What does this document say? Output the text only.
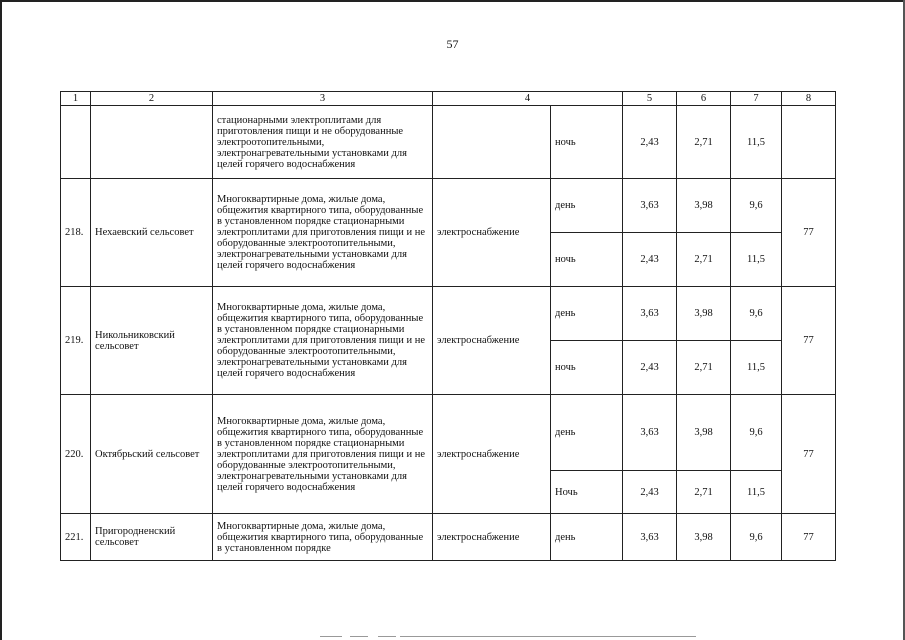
57
1	2	3	4		5	6	7	8
		стационарными электроплитами для приготовления пищи и не оборудованные электроотопительными, электронагревательными установками для целей горячего водоснабжения		ночь	2,43	2,71	11,5	
218.	Нехаевский сельсовет	Многоквартирные дома, жилые дома, общежития квартирного типа, оборудованные в установленном порядке стационарными электроплитами для приготовления пищи и не оборудованные электроотопительными, электронагревательными установками для целей горячего водоснабжения	электроснабжение	день	3,63	3,98	9,6	77
				ночь	2,43	2,71	11,5	
219.	Никольниковский сельсовет	Многоквартирные дома, жилые дома, общежития квартирного типа, оборудованные в установленном порядке стационарными электроплитами для приготовления пищи и не оборудованные электроотопительными, электронагревательными установками для целей горячего водоснабжения	электроснабжение	день	3,63	3,98	9,6	77
				ночь	2,43	2,71	11,5	
220.	Октябрьский сельсовет	Многоквартирные дома, жилые дома, общежития квартирного типа, оборудованные в установленном порядке стационарными электроплитами для приготовления пищи и не оборудованные электроотопительными, электронагревательными установками для целей горячего водоснабжения	электроснабжение	день	3,63	3,98	9,6	77
				Ночь	2,43	2,71	11,5	
221.	Пригородненский сельсовет	Многоквартирные дома, жилые дома, общежития квартирного типа, оборудованные в установленном порядке	электроснабжение	день	3,63	3,98	9,6	77
